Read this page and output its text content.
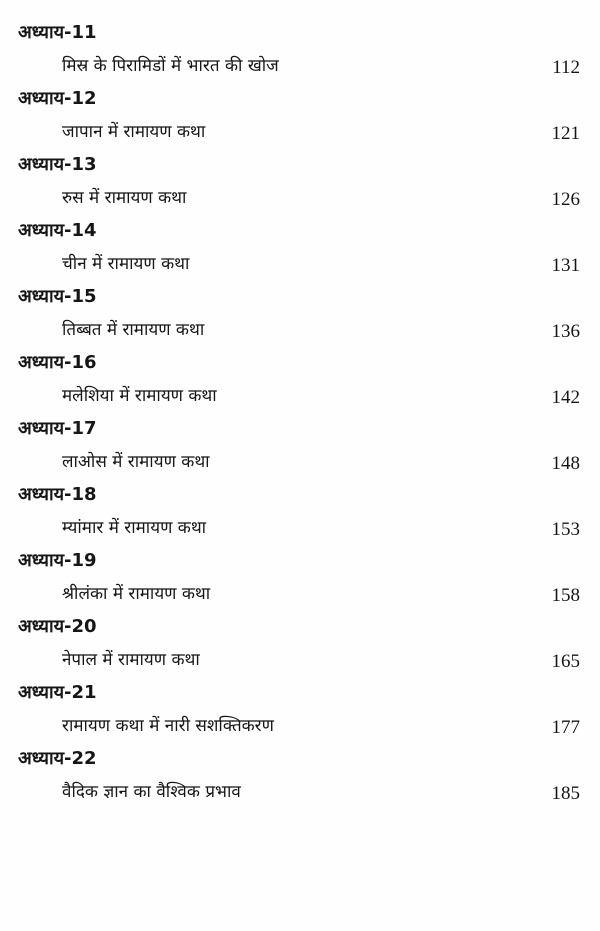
अध्याय-11
मिस्र के पिरामिडों में भारत की खोज	112
अध्याय-12
जापान में रामायण कथा	121
अध्याय-13
रुस में रामायण कथा	126
अध्याय-14
चीन में रामायण कथा	131
अध्याय-15
तिब्बत में रामायण कथा	136
अध्याय-16
मलेशिया में रामायण कथा	142
अध्याय-17
लाओस में रामायण कथा	148
अध्याय-18
म्यांमार में रामायण कथा	153
अध्याय-19
श्रीलंका में रामायण कथा	158
अध्याय-20
नेपाल में रामायण कथा	165
अध्याय-21
रामायण कथा में नारी सशक्तिकरण	177
अध्याय-22
वैदिक ज्ञान का वैश्विक प्रभाव	185
